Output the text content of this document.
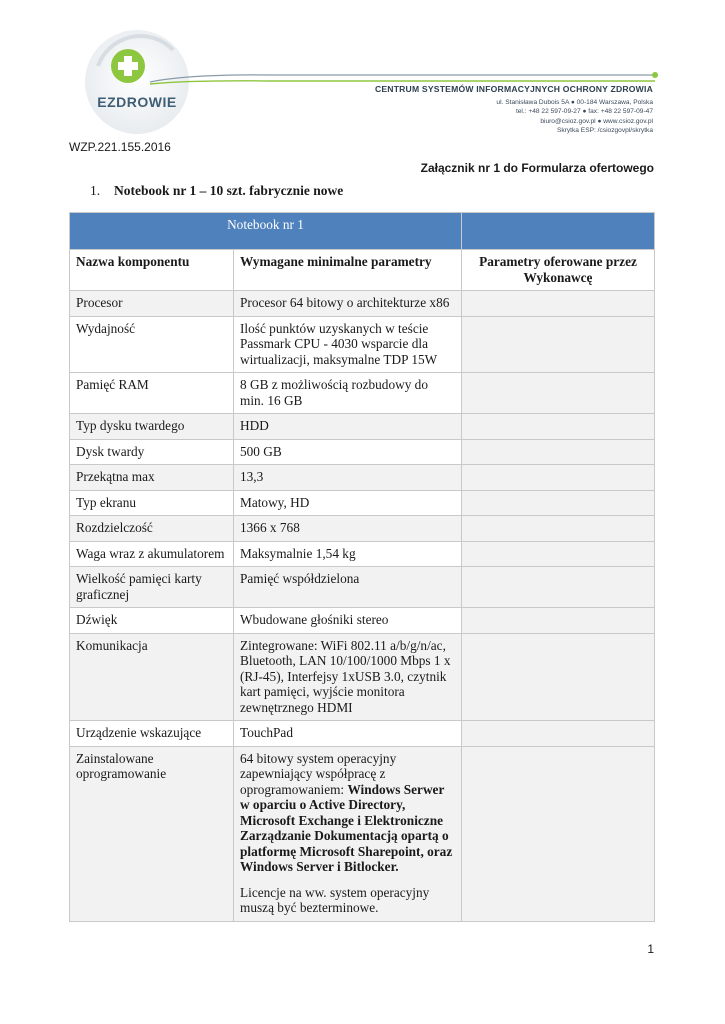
EZDROWIE
CENTRUM SYSTEMÓW INFORMACYJNYCH OCHRONY ZDROWIA
ul. Stanisława Dubois 5A ● 00-184 Warszawa, Polska
tel.: +48 22 597-09-27 ● fax: +48 22 597-09-47
biuro@csioz.gov.pl ● www.csioz.gov.pl
Skrytka ESP: /csiozgovpl/skrytka
WZP.221.155.2016
Załącznik nr 1 do Formularza ofertowego
1. Notebook nr 1 – 10 szt. fabrycznie nowe
Notebook nr 1		
Nazwa komponentu	Wymagane minimalne parametry	Parametry oferowane przez Wykonawcę
Procesor	Procesor 64 bitowy o architekturze x86	
Wydajność	Ilość punktów uzyskanych w teście Passmark CPU - 4030 wsparcie dla wirtualizacji, maksymalne TDP 15W	
Pamięć RAM	8 GB z możliwością rozbudowy do min. 16 GB	
Typ dysku twardego	HDD	
Dysk twardy	500 GB	
Przekątna max	13,3	
Typ ekranu	Matowy, HD	
Rozdzielczość	1366 x 768	
Waga wraz z akumulatorem	Maksymalnie 1,54 kg	
Wielkość pamięci karty graficznej	Pamięć współdzielona	
Dźwięk	Wbudowane głośniki stereo	
Komunikacja	Zintegrowane: WiFi 802.11 a/b/g/n/ac, Bluetooth, LAN 10/100/1000 Mbps 1 x (RJ-45), Interfejsy 1xUSB 3.0, czytnik kart pamięci, wyjście monitora zewnętrznego HDMI	
Urządzenie wskazujące	TouchPad	
Zainstalowane oprogramowanie	64 bitowy system operacyjny zapewniający współpracę z oprogramowaniem: Windows Serwer w oparciu o Active Directory, Microsoft Exchange i Elektroniczne Zarządzanie Dokumentacją opartą o platformę Microsoft Sharepoint, oraz Windows Server i Bitlocker.
Licencje na ww. system operacyjny muszą być bezterminowe.	

1
